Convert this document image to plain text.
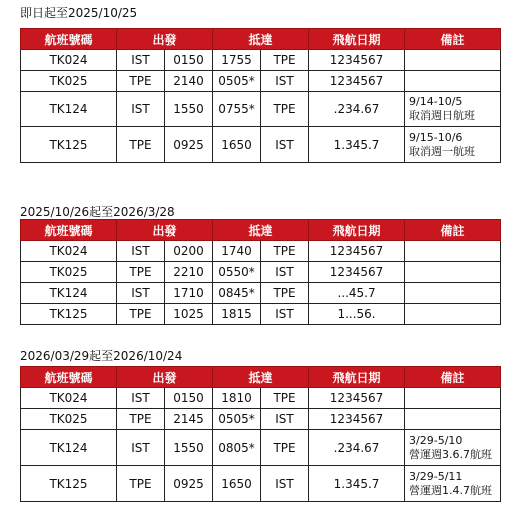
即日起至2025/10/25
航班號碼	出發		抵達		飛航日期	備註
TK024	IST	0150	1755	TPE	1234567	
TK025	TPE	2140	0505*	IST	1234567	
TK124	IST	1550	0755*	TPE	.234.67	9/14-10/5
取消週日航班

TK125	TPE	0925	1650	IST	1.345.7	9/15-10/6
取消週一航班
2025/10/26起至2026/3/28
航班號碼	出發		抵達		飛航日期	備註
TK024	IST	0200	1740	TPE	1234567	
TK025	TPE	2210	0550*	IST	1234567	
TK124	IST	1710	0845*	TPE	...45.7	
TK125	TPE	1025	1815	IST	1...56.	
2026/03/29起至2026/10/24
航班號碼	出發		抵達		飛航日期	備註
TK024	IST	0150	1810	TPE	1234567	
TK025	TPE	2145	0505*	IST	1234567	
TK124	IST	1550	0805*	TPE	.234.67	3/29-5/10
營運週3.6.7航班

TK125	TPE	0925	1650	IST	1.345.7	3/29-5/11
營運週1.4.7航班
